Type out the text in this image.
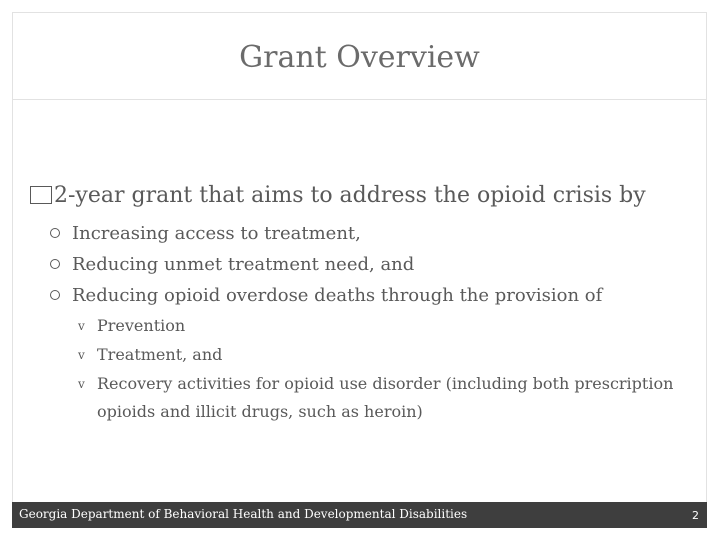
Grant Overview
2-year grant that aims to address the opioid crisis by
Increasing access to treatment,
Reducing unmet treatment need, and
Reducing opioid overdose deaths through the provision of
v Prevention
v Treatment, and
v Recovery activities for opioid use disorder (including both prescription opioids and illicit drugs, such as heroin)
Georgia Department of Behavioral Health and Developmental Disabilities	2
